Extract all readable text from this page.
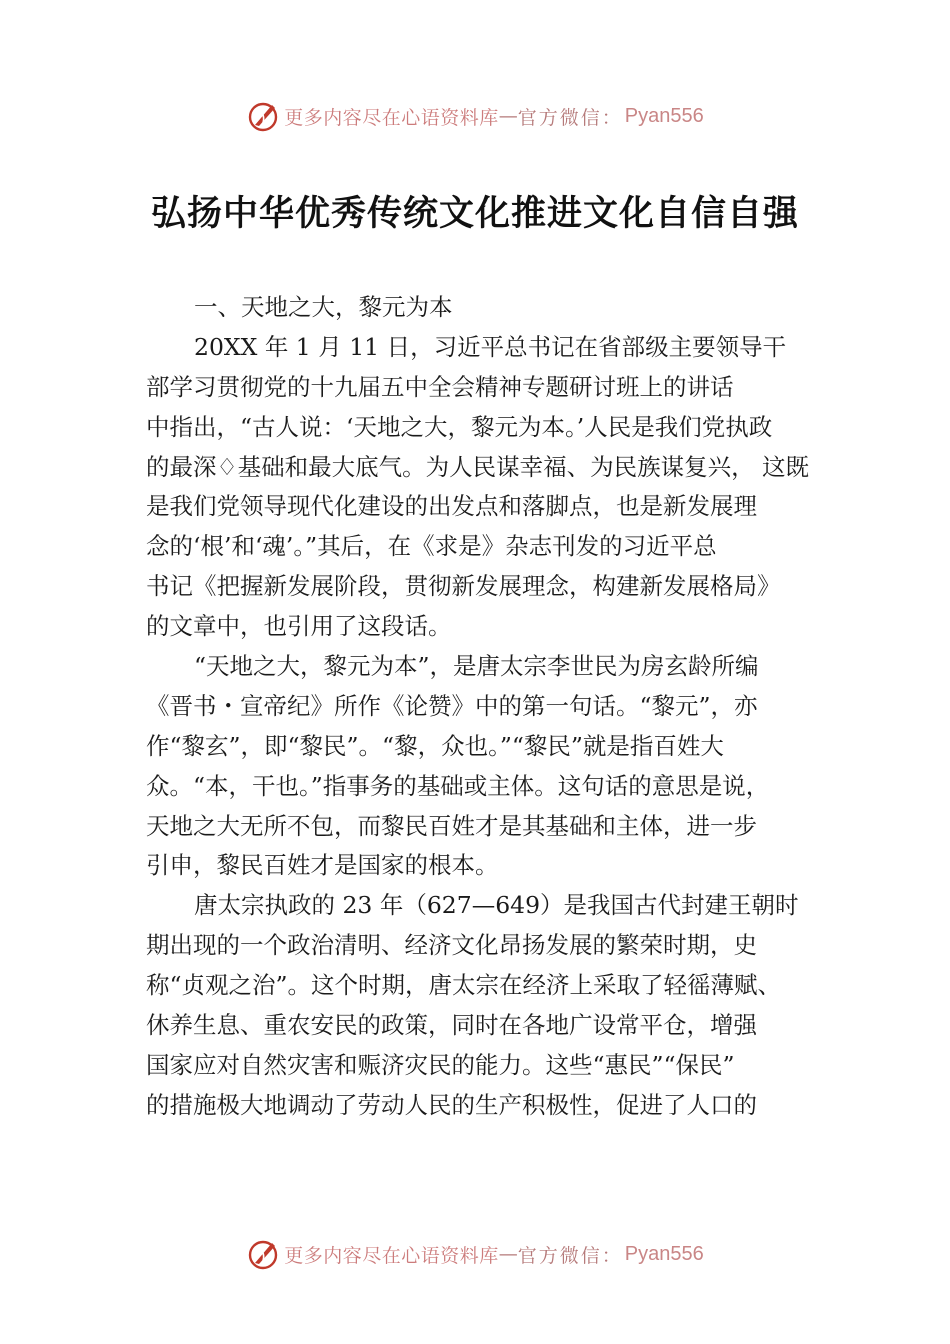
更多内容尽在心语资料库 — 官方微信： Pyan556
弘扬中华优秀传统文化推进文化自信自强
一、天地之大，黎元为本
20XX 年 1 月 11 日，习近平总书记在省部级主要领导干
部学习贯彻党的十九届五中全会精神专题研讨班上的讲话
中指出，“古人说：‘天地之大，黎元为本。’人民是我们党执政
的最深♢基础和最大底气。为人民谋幸福、为民族谋复兴， 这既
是我们党领导现代化建设的出发点和落脚点，也是新发展理
念的‘根’和‘魂’。”其后，在《求是》杂志刊发的习近平总
书记《把握新发展阶段，贯彻新发展理念，构建新发展格局》
的文章中，也引用了这段话。
“天地之大，黎元为本”，是唐太宗李世民为房玄龄所编
《晋书・宣帝纪》所作《论赞》中的第一句话。“黎元”，亦
作“黎玄”，即“黎民”。“黎，众也。”“黎民”就是指百姓大
众。“本，干也。”指事务的基础或主体。这句话的意思是说，
天地之大无所不包，而黎民百姓才是其基础和主体，进一步
引申，黎民百姓才是国家的根本。
唐太宗执政的 23 年（627—649）是我国古代封建王朝时
期出现的一个政治清明、经济文化昂扬发展的繁荣时期，史
称“贞观之治”。这个时期，唐太宗在经济上采取了轻徭薄赋、
休养生息、重农安民的政策，同时在各地广设常平仓，增强
国家应对自然灾害和赈济灾民的能力。这些“惠民”“保民”
的措施极大地调动了劳动人民的生产积极性，促进了人口的
更多内容尽在心语资料库 — 官方微信： Pyan556
